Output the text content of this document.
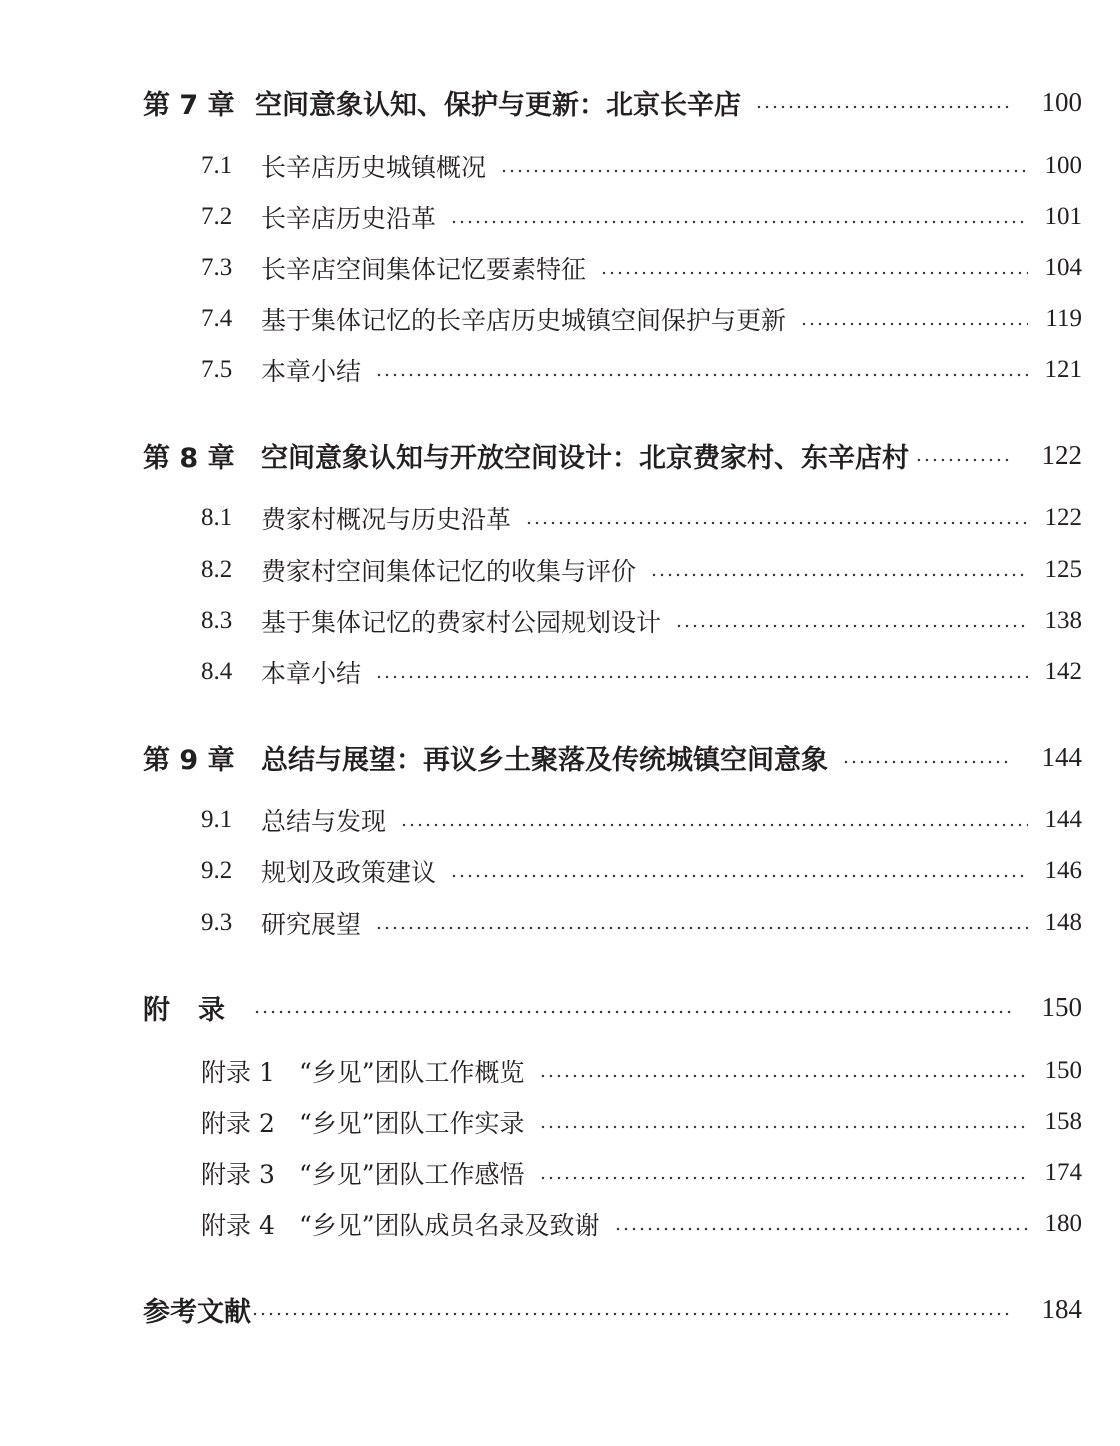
第 7 章 空间意象认知、保护与更新：北京长辛店	100
7.1	长辛店历史城镇概况	100
7.2	长辛店历史沿革	101
7.3	长辛店空间集体记忆要素特征	104
7.4	基于集体记忆的长辛店历史城镇空间保护与更新	119
7.5	本章小结	121
第 8 章 空间意象认知与开放空间设计：北京费家村、东辛店村	122
8.1	费家村概况与历史沿革	122
8.2	费家村空间集体记忆的收集与评价	125
8.3	基于集体记忆的费家村公园规划设计	138
8.4	本章小结	142
第 9 章 总结与展望：再议乡土聚落及传统城镇空间意象	144
9.1	总结与发现	144
9.2	规划及政策建议	146
9.3	研究展望	148
附录	150
附录 1 “乡见”团队工作概览	150
附录 2 “乡见”团队工作实录	158
附录 3 “乡见”团队工作感悟	174
附录 4 “乡见”团队成员名录及致谢	180
参考文献	184
